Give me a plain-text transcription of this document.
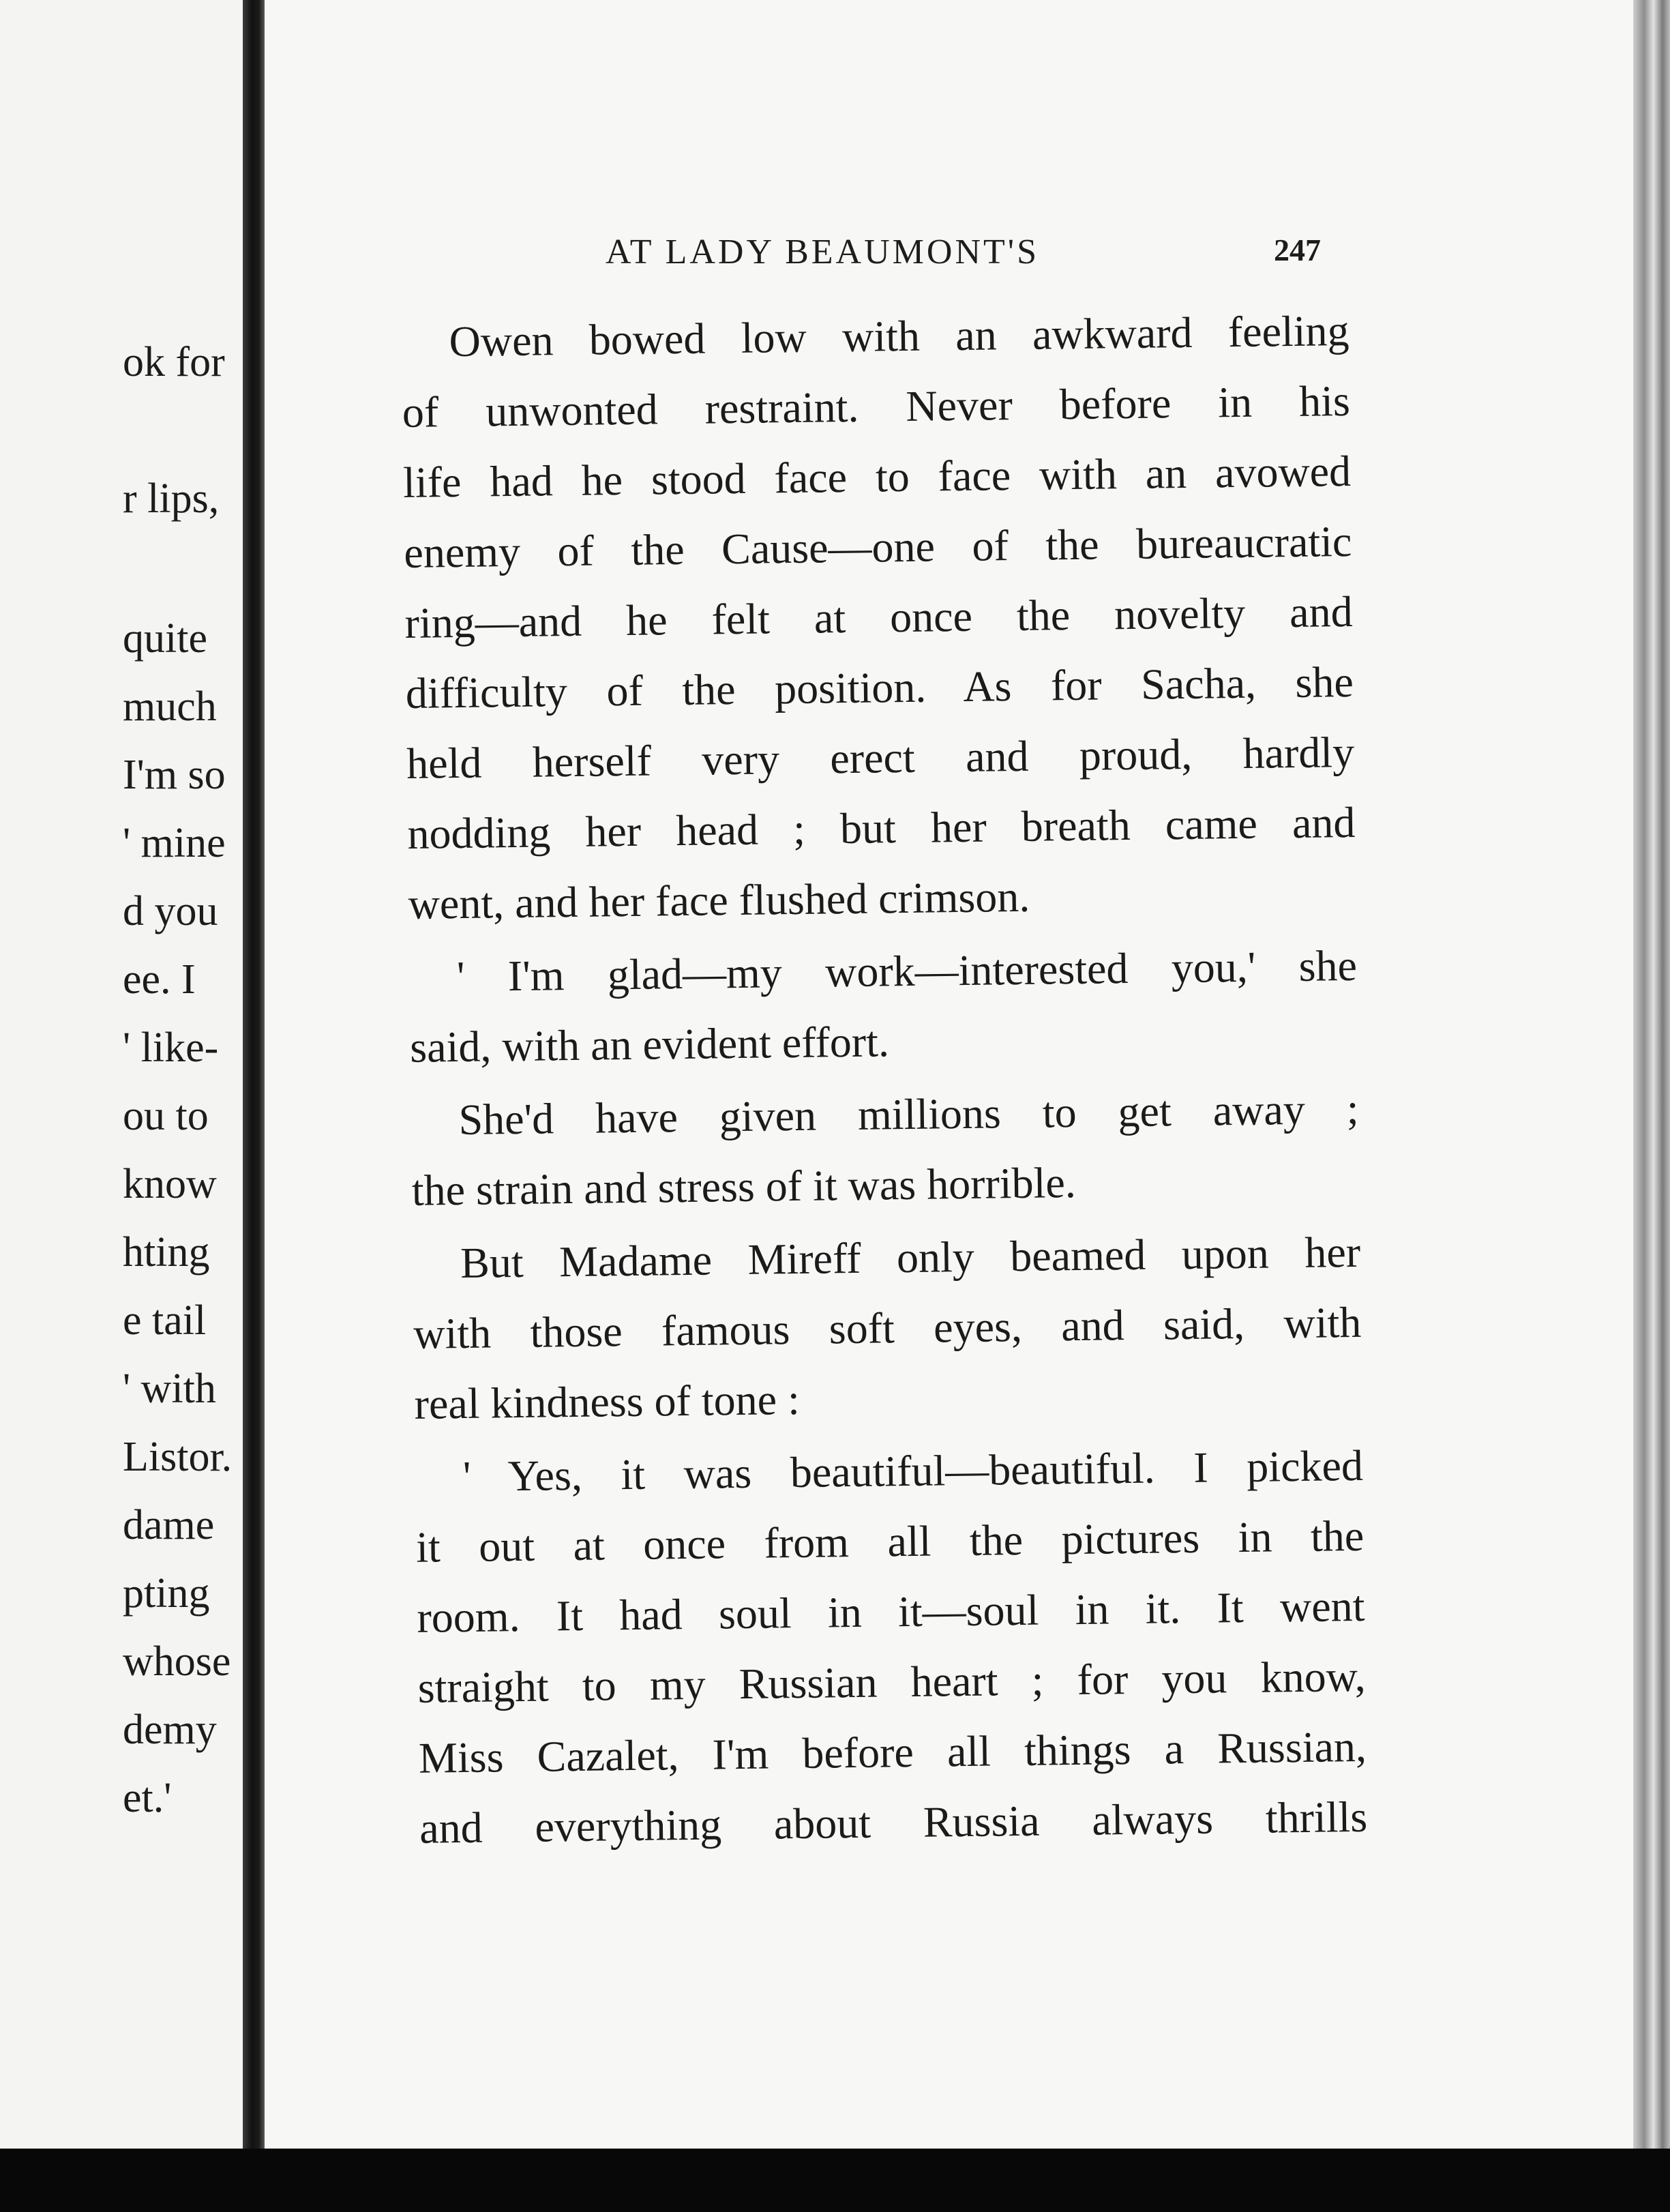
ok for
r lips,
quite
much
I'm so
' mine
d you
ee. I
' like-
ou to
know
hting
e tail
' with
Listor.
dame
pting
whose
demy
et.'
AT LADY BEAUMONT'S	247
Owen bowed low with an awkward feeling
of unwonted restraint. Never before in his
life had he stood face to face with an avowed
enemy of the Cause—one of the bureaucratic
ring—and he felt at once the novelty and
difficulty of the position. As for Sacha, she
held herself very erect and proud, hardly
nodding her head ; but her breath came and
went, and her face flushed crimson.
' I'm glad—my work—interested you,' she
said, with an evident effort.
She'd have given millions to get away ;
the strain and stress of it was horrible.
But Madame Mireff only beamed upon her
with those famous soft eyes, and said, with
real kindness of tone :
' Yes, it was beautiful—beautiful. I picked
it out at once from all the pictures in the
room. It had soul in it—soul in it. It went
straight to my Russian heart ; for you know,
Miss Cazalet, I'm before all things a Russian,
and everything about Russia always thrills
